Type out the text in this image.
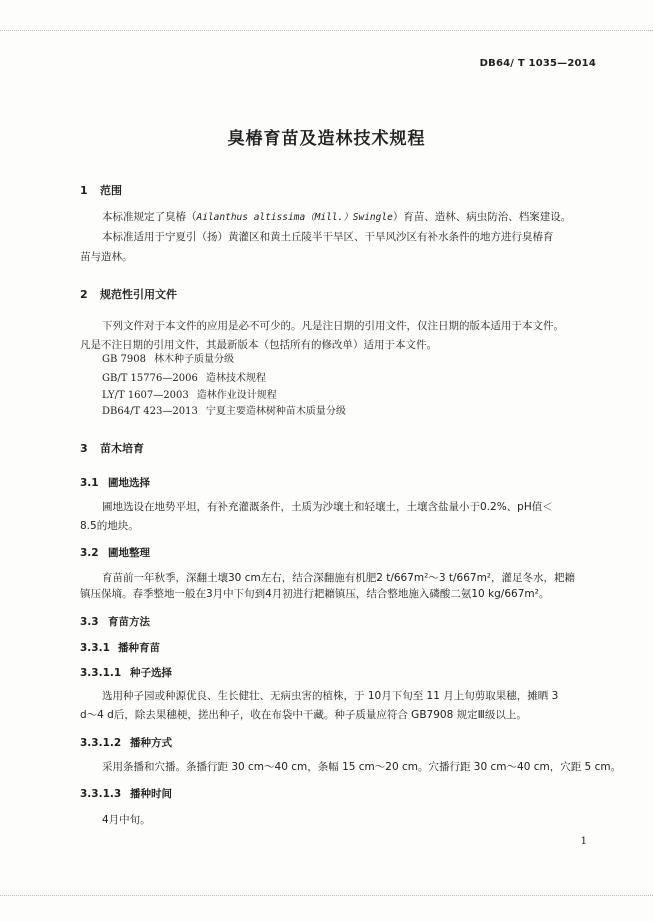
DB64/ T 1035—2014
臭椿育苗及造林技术规程
1 范围
本标准规定了臭椿（Ailanthus altissima（Mill.）Swingle）育苗、造林、病虫防治、档案建设。
本标准适用于宁夏引（扬）黄灌区和黄土丘陵半干旱区、干旱风沙区有补水条件的地方进行臭椿育
苗与造林。
2 规范性引用文件
下列文件对于本文件的应用是必不可少的。凡是注日期的引用文件，仅注日期的版本适用于本文件。
凡是不注日期的引用文件，其最新版本（包括所有的修改单）适用于本文件。
GB 7908 林木种子质量分级
GB/T 15776—2006 造林技术规程
LY/T 1607—2003 造林作业设计规程
DB64/T 423—2013 宁夏主要造林树种苗木质量分级
3 苗木培育
3.1 圃地选择
圃地选设在地势平坦，有补充灌溉条件，土质为沙壤土和轻壤土，土壤含盐量小于0.2%、pH值＜
8.5的地块。
3.2 圃地整理
育苗前一年秋季，深翻土壤30 cm左右，结合深翻施有机肥2 t/667m²～3 t/667m²，灌足冬水，耙耱
镇压保墒。春季整地一般在3月中下旬到4月初进行耙耱镇压，结合整地施入磷酸二氨10 kg/667m²。
3.3 育苗方法
3.3.1 播种育苗
3.3.1.1 种子选择
选用种子园或种源优良、生长健壮、无病虫害的植株，于 10月下旬至 11 月上旬剪取果穗，摊晒 3
d～4 d后，除去果穗梗，搓出种子，收在布袋中干藏。种子质量应符合 GB7908 规定Ⅲ级以上。
3.3.1.2 播种方式
采用条播和穴播。条播行距 30 cm～40 cm，条幅 15 cm～20 cm。穴播行距 30 cm～40 cm，穴距 5 cm。
3.3.1.3 播种时间
4月中旬。
1
